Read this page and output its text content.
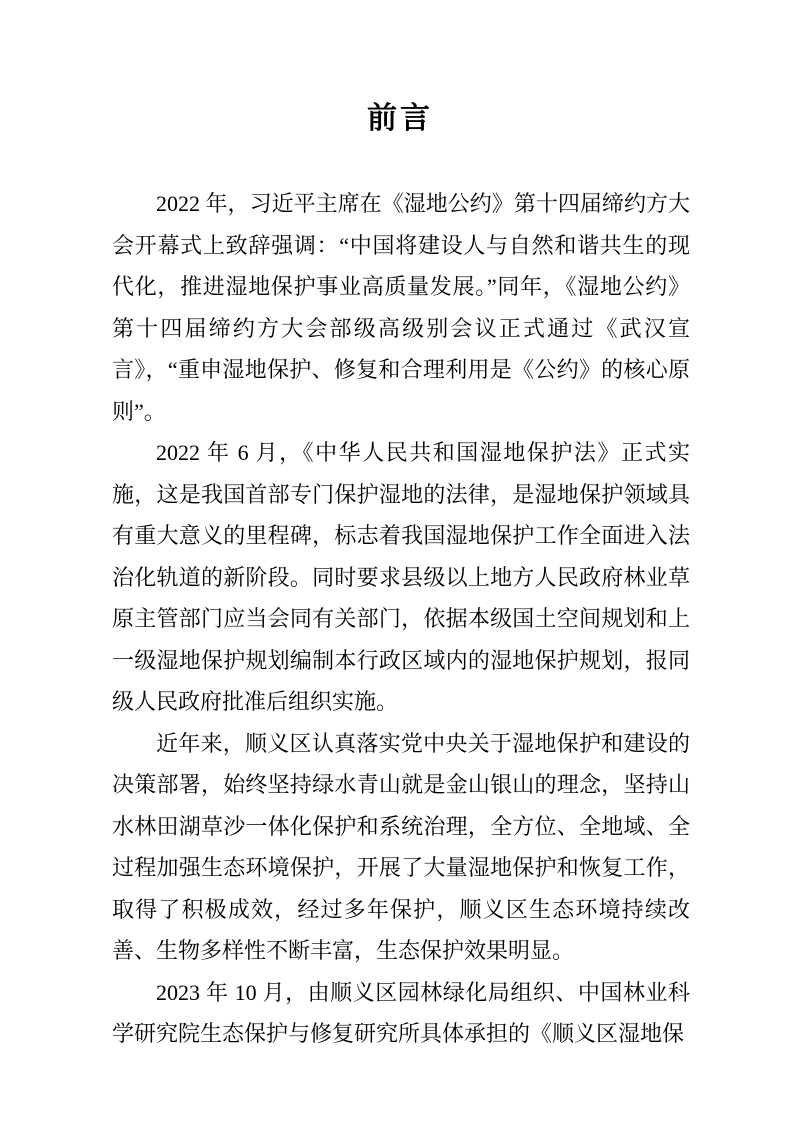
前言

2022 年，习近平主席在《湿地公约》第十四届缔约方大会开幕式上致辞强调：“中国将建设人与自然和谐共生的现代化，推进湿地保护事业高质量发展。”同年，《湿地公约》第十四届缔约方大会部级高级别会议正式通过《武汉宣言》，“重申湿地保护、修复和合理利用是《公约》的核心原则”。

2022 年 6 月，《中华人民共和国湿地保护法》正式实施，这是我国首部专门保护湿地的法律，是湿地保护领域具有重大意义的里程碑，标志着我国湿地保护工作全面进入法治化轨道的新阶段。同时要求县级以上地方人民政府林业草原主管部门应当会同有关部门，依据本级国土空间规划和上一级湿地保护规划编制本行政区域内的湿地保护规划，报同级人民政府批准后组织实施。

近年来，顺义区认真落实党中央关于湿地保护和建设的决策部署，始终坚持绿水青山就是金山银山的理念，坚持山水林田湖草沙一体化保护和系统治理，全方位、全地域、全过程加强生态环境保护，开展了大量湿地保护和恢复工作，取得了积极成效，经过多年保护，顺义区生态环境持续改善、生物多样性不断丰富，生态保护效果明显。

2023 年 10 月，由顺义区园林绿化局组织、中国林业科学研究院生态保护与修复研究所具体承担的《顺义区湿地保
